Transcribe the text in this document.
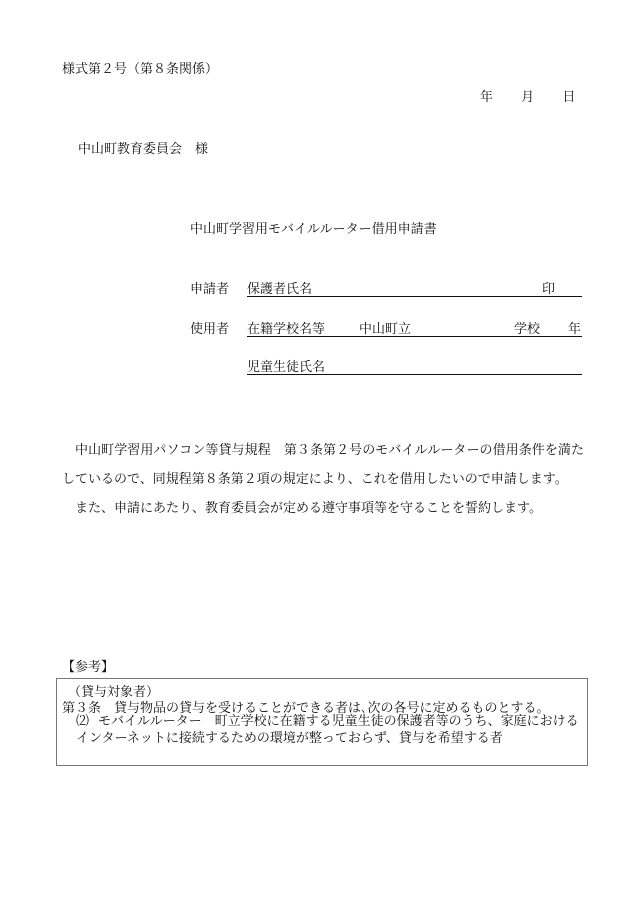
様式第２号（第８条関係）
年 月 日
中山町教育委員会　様
中山町学習用モバイルルーター借用申請書
申請者 保護者氏名	印
使用者 在籍学校名等	中山町立	学校 年
児童生徒氏名

中山町学習用パソコン等貸与規程　第３条第２号のモバイルルーターの借用条件を満たしているので、同規程第８条第２項の規定により、これを借用したいので申請します。

また、申請にあたり、教育委員会が定める遵守事項等を守ることを誓約します。

【参考】
（貸与対象者）
第３条　貸与物品の貸与を受けることができる者は､次の各号に定めるものとする。
⑵ モバイルルーター　町立学校に在籍する児童生徒の保護者等のうち、家庭におけるインターネットに接続するための環境が整っておらず、貸与を希望する者
